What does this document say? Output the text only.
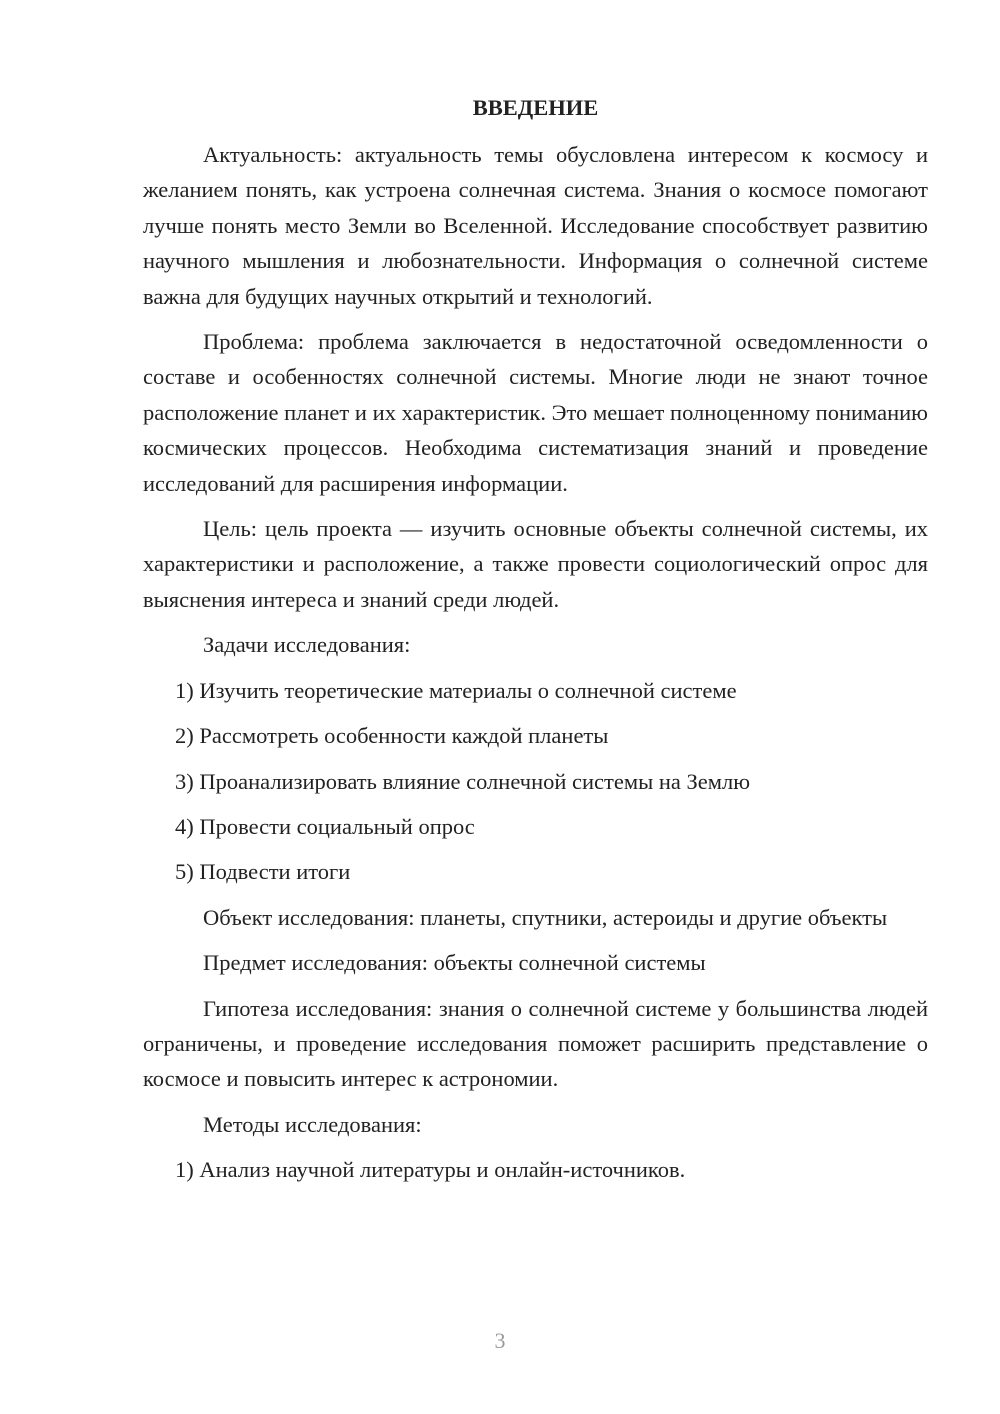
ВВЕДЕНИЕ

Актуальность: актуальность темы обусловлена интересом к космосу и желанием понять, как устроена солнечная система. Знания о космосе помогают лучше понять место Земли во Вселенной. Исследование способствует развитию научного мышления и любознательности. Информация о солнечной системе важна для будущих научных открытий и технологий.

Проблема: проблема заключается в недостаточной осведомленности о составе и особенностях солнечной системы. Многие люди не знают точное расположение планет и их характеристик. Это мешает полноценному пониманию космических процессов. Необходима систематизация знаний и проведение исследований для расширения информации.

Цель: цель проекта — изучить основные объекты солнечной системы, их характеристики и расположение, а также провести социологический опрос для выяснения интереса и знаний среди людей.

Задачи исследования:

1) Изучить теоретические материалы о солнечной системе
2) Рассмотреть особенности каждой планеты
3) Проанализировать влияние солнечной системы на Землю
4) Провести социальный опрос
5) Подвести итоги

Объект исследования: планеты, спутники, астероиды и другие объекты

Предмет исследования: объекты солнечной системы

Гипотеза исследования: знания о солнечной системе у большинства людей ограничены, и проведение исследования поможет расширить представление о космосе и повысить интерес к астрономии.

Методы исследования:

1) Анализ научной литературы и онлайн-источников.
3
